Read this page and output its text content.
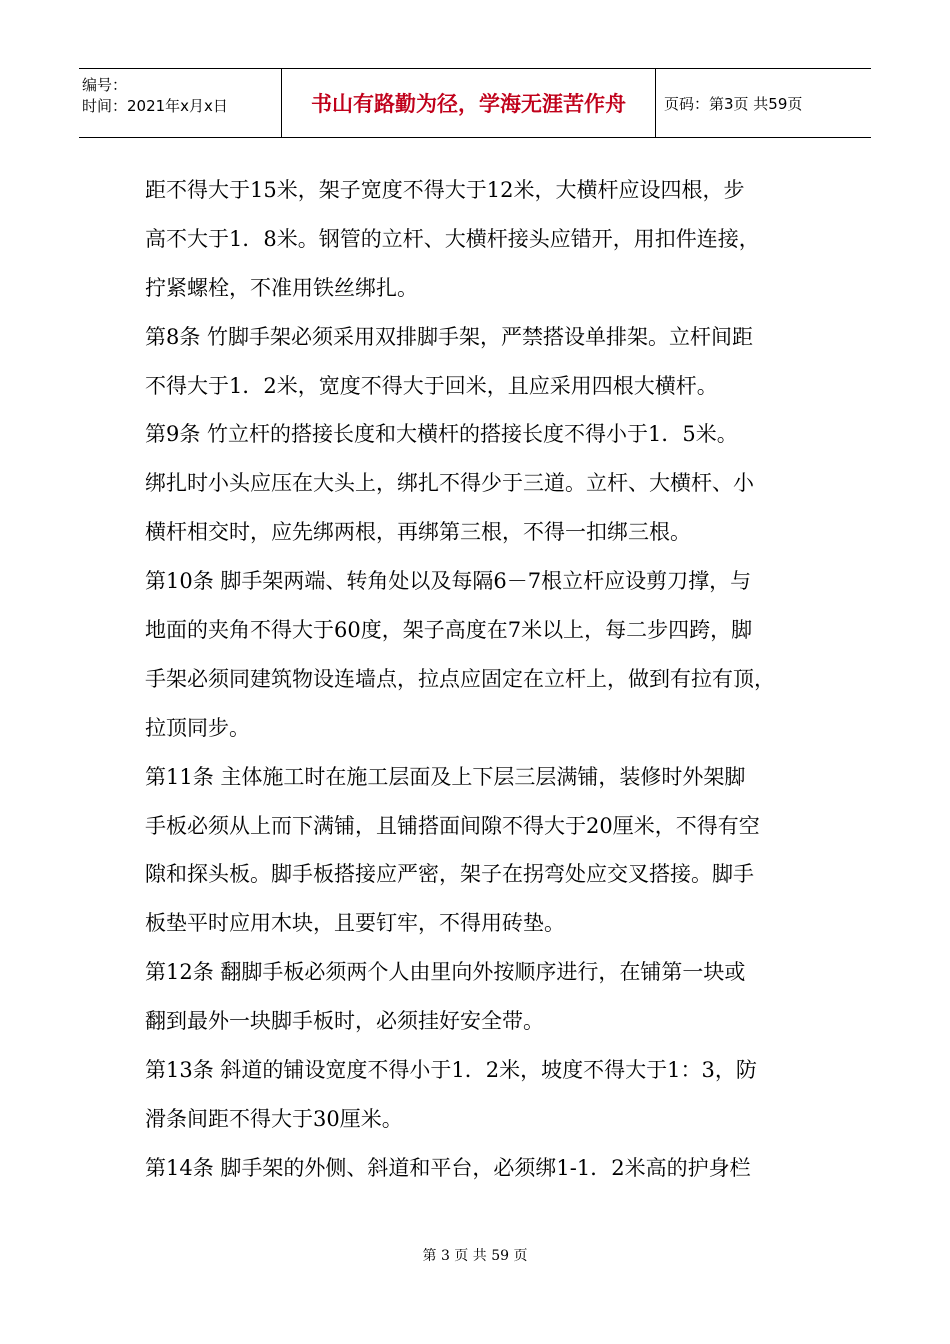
编号：
时间：2021年x月x日	书山有路勤为径，学海无涯苦作舟	页码：第3页 共59页
距不得大于15米，架子宽度不得大于12米，大横杆应设四根，步
高不大于1．8米。钢管的立杆、大横杆接头应错开，用扣件连接，
拧紧螺栓，不准用铁丝绑扎。
第8条 竹脚手架必须采用双排脚手架，严禁搭设单排架。立杆间距
不得大于1．2米，宽度不得大于回米，且应采用四根大横杆。
第9条 竹立杆的搭接长度和大横杆的搭接长度不得小于1．5米。
绑扎时小头应压在大头上，绑扎不得少于三道。立杆、大横杆、小
横杆相交时，应先绑两根，再绑第三根，不得一扣绑三根。
第10条 脚手架两端、转角处以及每隔6－7根立杆应设剪刀撑，与
地面的夹角不得大于60度，架子高度在7米以上，每二步四跨，脚
手架必须同建筑物设连墙点，拉点应固定在立杆上，做到有拉有顶，
拉顶同步。
第11条 主体施工时在施工层面及上下层三层满铺，装修时外架脚
手板必须从上而下满铺，且铺搭面间隙不得大于20厘米，不得有空
隙和探头板。脚手板搭接应严密，架子在拐弯处应交叉搭接。脚手
板垫平时应用木块，且要钉牢，不得用砖垫。
第12条 翻脚手板必须两个人由里向外按顺序进行，在铺第一块或
翻到最外一块脚手板时，必须挂好安全带。
第13条 斜道的铺设宽度不得小于1．2米，坡度不得大于1：3，防
滑条间距不得大于30厘米。
第14条 脚手架的外侧、斜道和平台，必须绑1-1．2米高的护身栏
第 3 页 共 59 页
